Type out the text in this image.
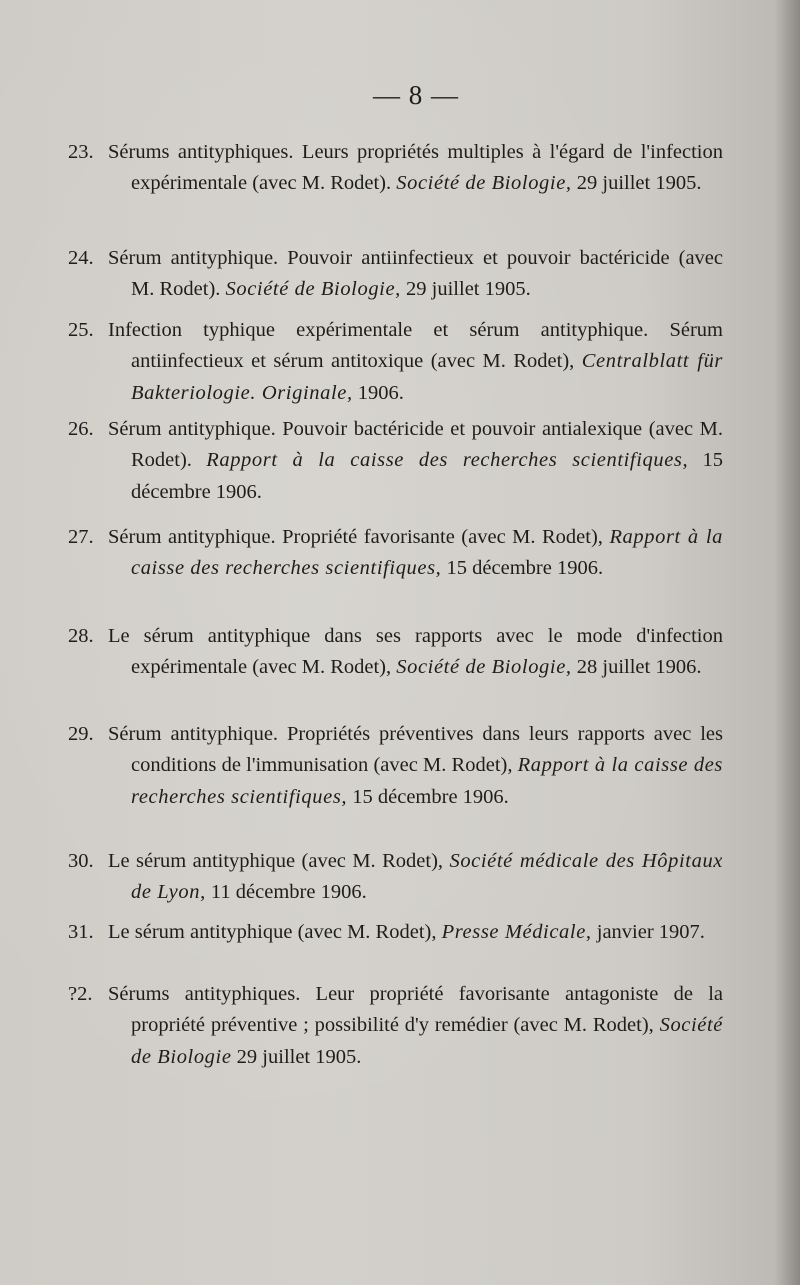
— 8 —

23. Sérums antityphiques. Leurs propriétés multiples à l'égard de l'infection expérimentale (avec M. Rodet). Société de Biologie, 29 juillet 1905.

24. Sérum antityphique. Pouvoir antiinfectieux et pouvoir bactéricide (avec M. Rodet). Société de Biologie, 29 juillet 1905.

25. Infection typhique expérimentale et sérum antityphique. Sérum antiinfectieux et sérum antitoxique (avec M. Rodet), Centralblatt für Bakteriologie. Originale, 1906.

26. Sérum antityphique. Pouvoir bactéricide et pouvoir antialexique (avec M. Rodet). Rapport à la caisse des recherches scientifiques, 15 décembre 1906.

27. Sérum antityphique. Propriété favorisante (avec M. Rodet), Rapport à la caisse des recherches scientifiques, 15 décembre 1906.

28. Le sérum antityphique dans ses rapports avec le mode d'infection expérimentale (avec M. Rodet), Société de Biologie, 28 juillet 1906.

29. Sérum antityphique. Propriétés préventives dans leurs rapports avec les conditions de l'immunisation (avec M. Rodet), Rapport à la caisse des recherches scientifiques, 15 décembre 1906.

30. Le sérum antityphique (avec M. Rodet), Société médicale des Hôpitaux de Lyon, 11 décembre 1906.

31. Le sérum antityphique (avec M. Rodet), Presse Médicale, janvier 1907.

?2. Sérums antityphiques. Leur propriété favorisante antagoniste de la propriété préventive ; possibilité d'y remédier (avec M. Rodet), Société de Biologie 29 juillet 1905.
